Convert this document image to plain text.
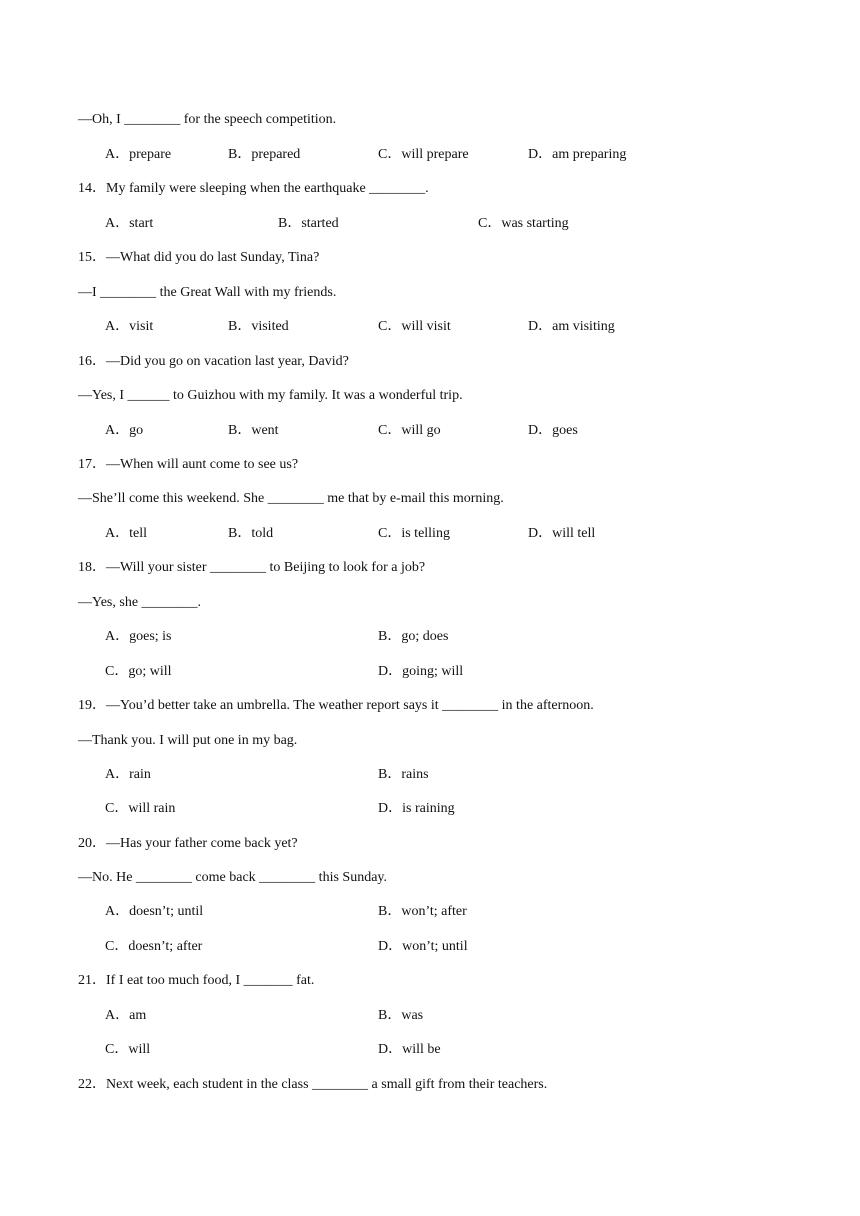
—Oh, I ________ for the speech competition.
A．prepare	B．prepared	C．will prepare	D．am preparing
14．My family were sleeping when the earthquake ________.
A．start	B．started	C．was starting
15．—What did you do last Sunday, Tina?
—I ________ the Great Wall with my friends.
A．visit	B．visited	C．will visit	D．am visiting
16．—Did you go on vacation last year, David?
—Yes, I ______ to Guizhou with my family. It was a wonderful trip.
A．go	B．went	C．will go	D．goes
17．—When will aunt come to see us?
—She’ll come this weekend. She ________ me that by e-mail this morning.
A．tell	B．told	C．is telling	D．will tell
18．—Will your sister ________ to Beijing to look for a job?
—Yes, she ________.
A．goes; is	B．go; does
C．go; will	D．going; will
19．—You’d better take an umbrella. The weather report says it ________ in the afternoon.
—Thank you. I will put one in my bag.
A．rain	B．rains
C．will rain	D．is raining
20．—Has your father come back yet?
—No. He ________ come back ________ this Sunday.
A．doesn’t; until	B．won’t; after
C．doesn’t; after	D．won’t; until
21．If I eat too much food, I _______ fat.
A．am	B．was
C．will	D．will be
22．Next week, each student in the class ________ a small gift from their teachers.
